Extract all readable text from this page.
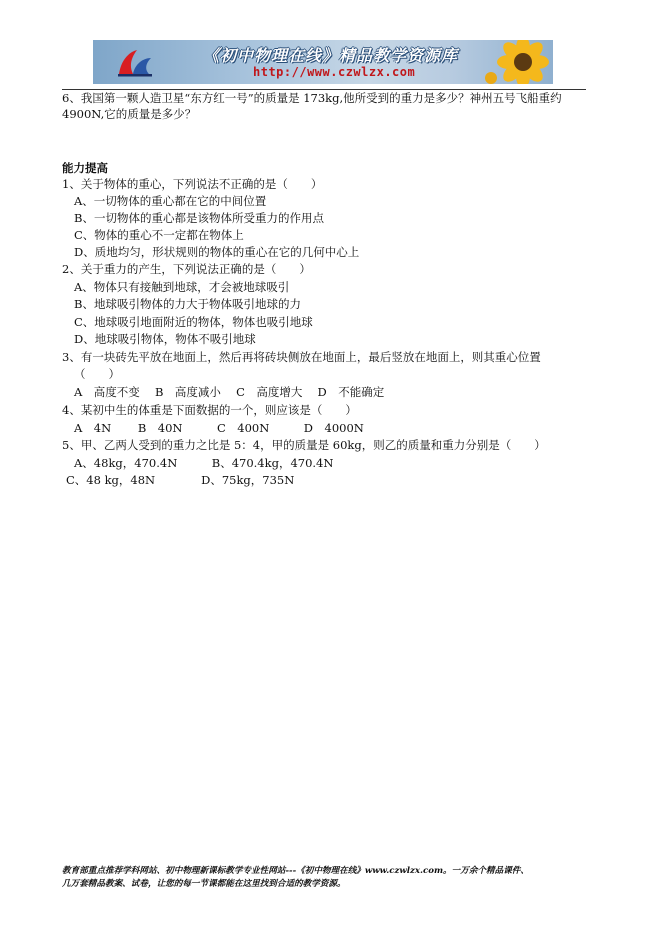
《初中物理在线》精品教学资源库
http://www.czwlzx.com
6、我国第一颗人造卫星“东方红一号”的质量是 173kg,他所受到的重力是多少？神州五号飞船重约
4900N,它的质量是多少？
能力提高
1、关于物体的重心，下列说法不正确的是（　　）
A、一切物体的重心都在它的中间位置
B、一切物体的重心都是该物体所受重力的作用点
C、物体的重心不一定都在物体上
D、质地均匀，形状规则的物体的重心在它的几何中心上
2、关于重力的产生，下列说法正确的是（　　）
A、物体只有接触到地球，才会被地球吸引
B、地球吸引物体的力大于物体吸引地球的力
C、地球吸引地面附近的物体，物体也吸引地球
D、地球吸引物体，物体不吸引地球
3、有一块砖先平放在地面上，然后再将砖块侧放在地面上，最后竖放在地面上，则其重心位置
（　　）
A　高度不变　 B　高度减小　 C　高度增大　 D　不能确定
4、某初中生的体重是下面数据的一个，则应该是（　　）
A　4N　　 B　40N　　　C　400N　　　D　4000N
5、甲、乙两人受到的重力之比是 5：4，甲的质量是 60kg，则乙的质量和重力分别是（　　）
A、48kg，470.4N　　　B、470.4kg，470.4N
C、48 kg，48N　　　　D、75kg，735N
教育部重点推荐学科网站、初中物理新课标教学专业性网站---《初中物理在线》www.czwlzx.com。一万余个精品课件、
几万套精品教案、试卷，让您的每一节课都能在这里找到合适的教学资源。
